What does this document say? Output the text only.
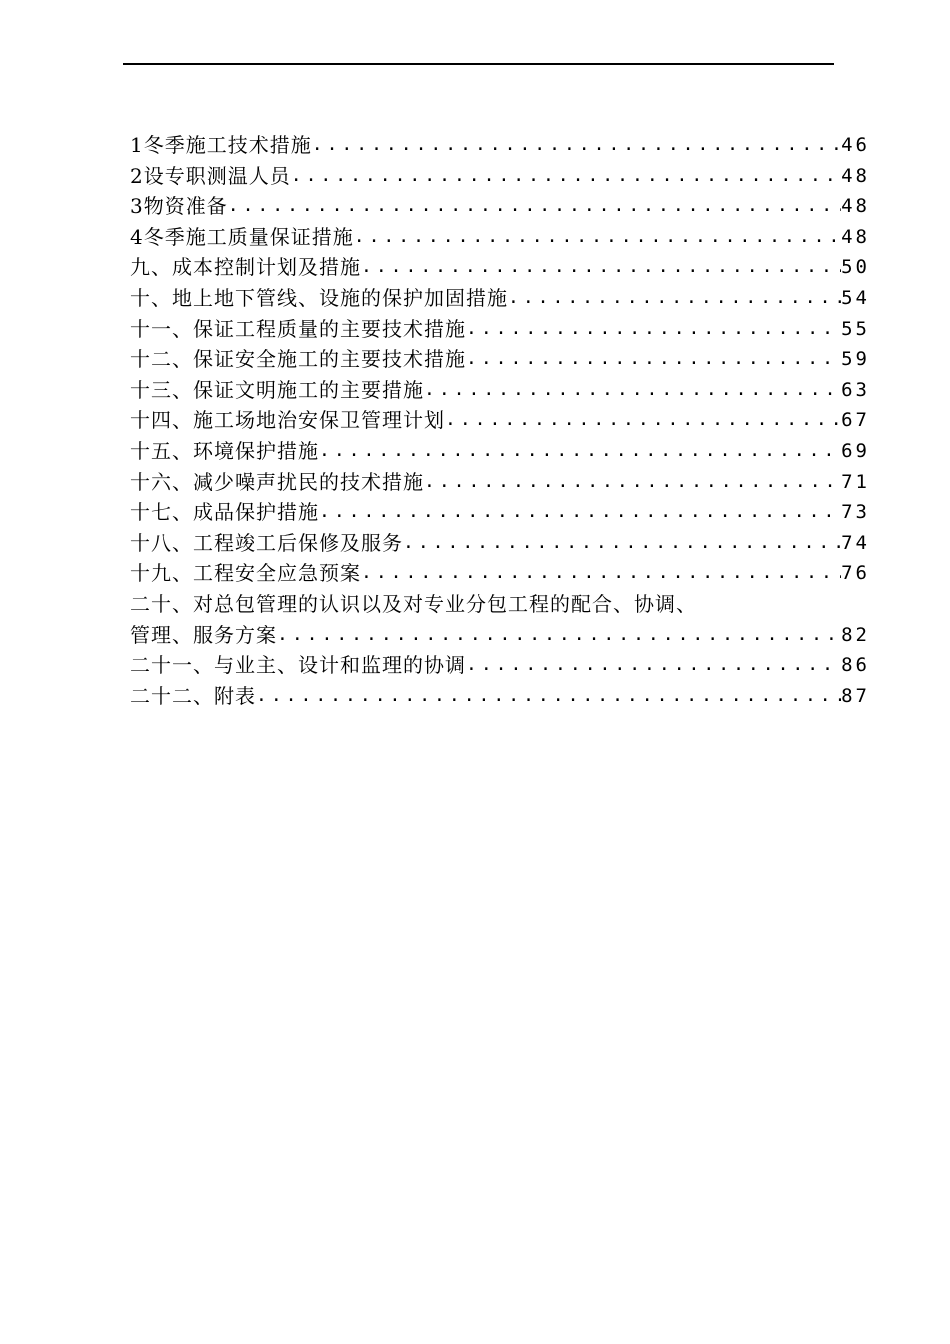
1冬季施工技术措施 .....	46
2设专职测温人员 .....	48
3物资准备 .....	48
4冬季施工质量保证措施 .....	48
九、成本控制计划及措施 .....	50
十、地上地下管线、设施的保护加固措施 .....	54
十一、保证工程质量的主要技术措施 .....	55
十二、保证安全施工的主要技术措施 .....	59
十三、保证文明施工的主要措施 .....	63
十四、施工场地治安保卫管理计划 .....	67
十五、环境保护措施 .....	69
十六、减少噪声扰民的技术措施 .....	71
十七、成品保护措施 .....	73
十八、工程竣工后保修及服务 .....	74
十九、工程安全应急预案 .....	76
二十、对总包管理的认识以及对专业分包工程的配合、协调、
管理、服务方案 .....	82
二十一、与业主、设计和监理的协调 .....	86
二十二、附表 .....	87
